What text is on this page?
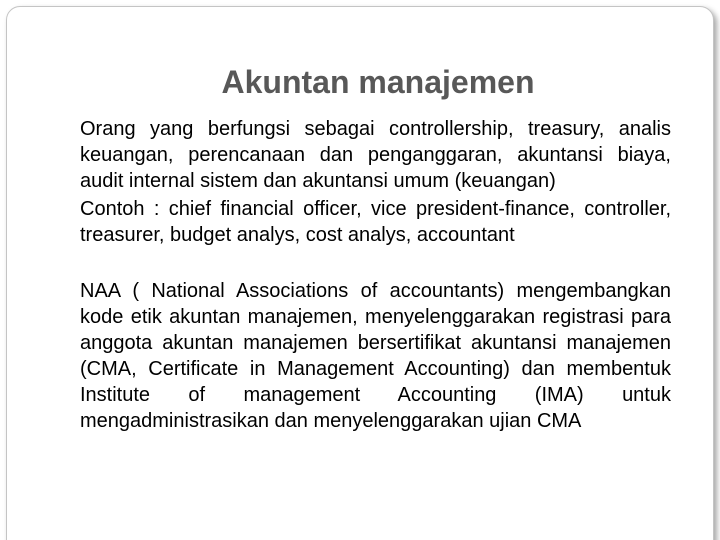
Akuntan manajemen

Orang yang berfungsi sebagai controllership, treasury, analis keuangan, perencanaan dan penganggaran, akuntansi biaya, audit internal sistem dan akuntansi umum (keuangan)

Contoh : chief financial officer, vice president-finance, controller, treasurer, budget analys, cost analys, accountant

NAA ( National Associations of accountants) mengembangkan kode etik akuntan manajemen, menyelenggarakan registrasi para anggota akuntan manajemen bersertifikat akuntansi manajemen (CMA, Certificate in Management Accounting) dan membentuk Institute of management Accounting (IMA) untuk mengadministrasikan dan menyelenggarakan ujian CMA
